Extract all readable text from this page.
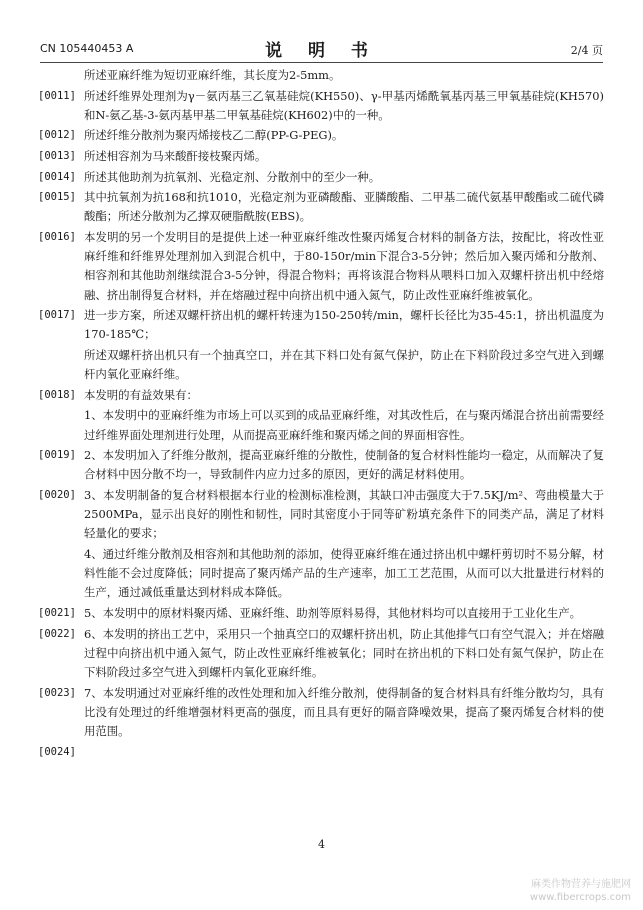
CN 105440453 A	说 明 书	2/4 页
所述亚麻纤维为短切亚麻纤维，其长度为2-5mm。
[0011] 所述纤维界处理剂为γ－氨丙基三乙氧基硅烷(KH550)、γ-甲基丙烯酰氧基丙基三甲氧基硅烷(KH570)和N-氨乙基-3-氨丙基甲基二甲氧基硅烷(KH602)中的一种。
[0012] 所述纤维分散剂为聚丙烯接枝乙二醇(PP-G-PEG)。
[0013] 所述相容剂为马来酸酐接枝聚丙烯。
[0014] 所述其他助剂为抗氧剂、光稳定剂、分散剂中的至少一种。
[0015] 其中抗氧剂为抗168和抗1010，光稳定剂为亚磷酸酯、亚膦酸酯、二甲基二硫代氨基甲酸酯或二硫代磷酸酯；所述分散剂为乙撑双硬脂酰胺(EBS)。
[0016] 本发明的另一个发明目的是提供上述一种亚麻纤维改性聚丙烯复合材料的制备方法，按配比，将改性亚麻纤维和纤维界处理剂加入到混合机中，于80-150r/min下混合3-5分钟；然后加入聚丙烯和分散剂、相容剂和其他助剂继续混合3-5分钟，得混合物料；再将该混合物料从喂料口加入双螺杆挤出机中经熔融、挤出制得复合材料，并在熔融过程中向挤出机中通入氮气，防止改性亚麻纤维被氧化。
[0017] 进一步方案，所述双螺杆挤出机的螺杆转速为150-250转/min，螺杆长径比为35-45:1，挤出机温度为170-185℃；
所述双螺杆挤出机只有一个抽真空口，并在其下料口处有氮气保护，防止在下料阶段过多空气进入到螺杆内氧化亚麻纤维。
[0018] 本发明的有益效果有：
1、本发明中的亚麻纤维为市场上可以买到的成品亚麻纤维，对其改性后，在与聚丙烯混合挤出前需要经过纤维界面处理剂进行处理，从而提高亚麻纤维和聚丙烯之间的界面相容性。
[0019] 2、本发明加入了纤维分散剂，提高亚麻纤维的分散性，使制备的复合材料性能均一稳定，从而解决了复合材料中因分散不均一，导致制件内应力过多的原因，更好的满足材料使用。
[0020] 3、本发明制备的复合材料根据本行业的检测标准检测，其缺口冲击强度大于7.5KJ/m²、弯曲模量大于2500MPa，显示出良好的刚性和韧性，同时其密度小于同等矿粉填充条件下的同类产品，满足了材料轻量化的要求；
4、通过纤维分散剂及相容剂和其他助剂的添加，使得亚麻纤维在通过挤出机中螺杆剪切时不易分解，材料性能不会过度降低；同时提高了聚丙烯产品的生产速率，加工工艺范围，从而可以大批量进行材料的生产，通过减低重量达到材料成本降低。
[0021] 5、本发明中的原材料聚丙烯、亚麻纤维、助剂等原料易得，其他材料均可以直接用于工业化生产。
[0022] 6、本发明的挤出工艺中，采用只一个抽真空口的双螺杆挤出机，防止其他排气口有空气混入；并在熔融过程中向挤出机中通入氮气，防止改性亚麻纤维被氧化；同时在挤出机的下料口处有氮气保护，防止在下料阶段过多空气进入到螺杆内氧化亚麻纤维。
[0023] 7、本发明通过对亚麻纤维的改性处理和加入纤维分散剂，使得制备的复合材料具有纤维分散均匀，具有比没有处理过的纤维增强材料更高的强度，而且具有更好的隔音降噪效果，提高了聚丙烯复合材料的使用范围。
[0024]
4
麻类作物营养与施肥网
www.fibercrops.com
